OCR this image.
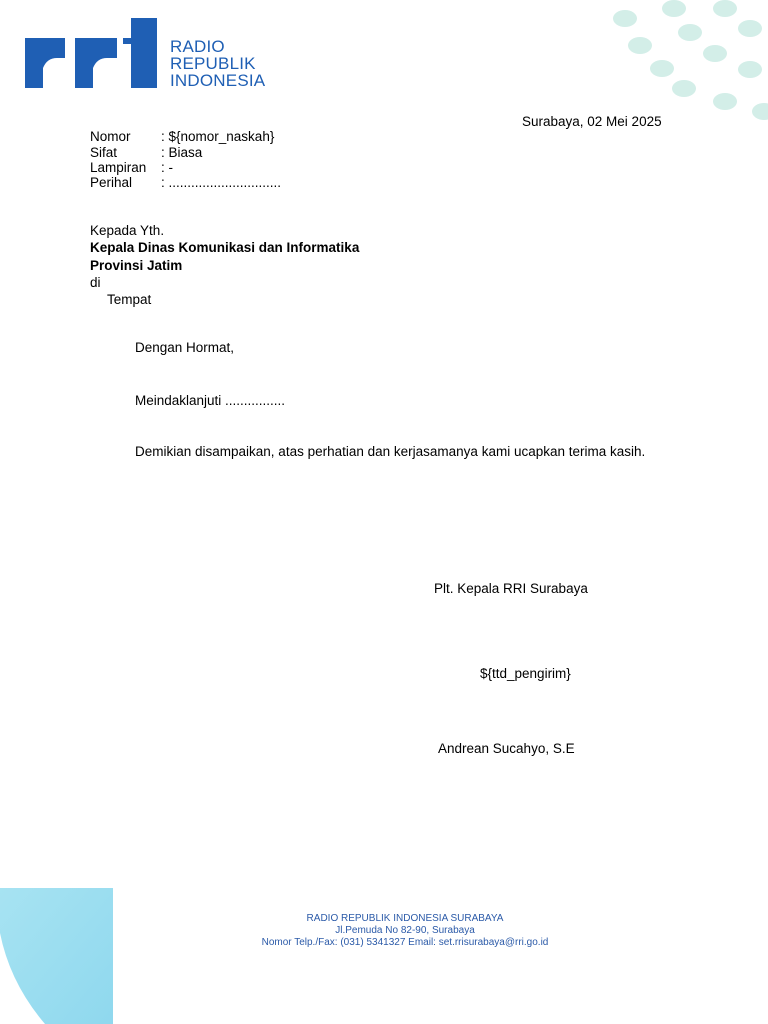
RADIO
REPUBLIK
INDONESIA
Surabaya, 02 Mei 2025
Nomor : ${nomor_naskah}
Sifat	: Biasa
Lampiran : -
Perihal : ..............................
Kepada Yth.
Kepala Dinas Komunikasi dan Informatika
Provinsi Jatim
di
Tempat
Dengan Hormat,
Meindaklanjuti ................
Demikian disampaikan, atas perhatian dan kerjasamanya kami ucapkan terima kasih.
Plt. Kepala RRI Surabaya
${ttd_pengirim}
Andrean Sucahyo, S.E
RADIO REPUBLIK INDONESIA SURABAYA
Jl.Pemuda No 82-90, Surabaya
Nomor Telp./Fax: (031) 5341327 Email: set.rrisurabaya@rri.go.id
